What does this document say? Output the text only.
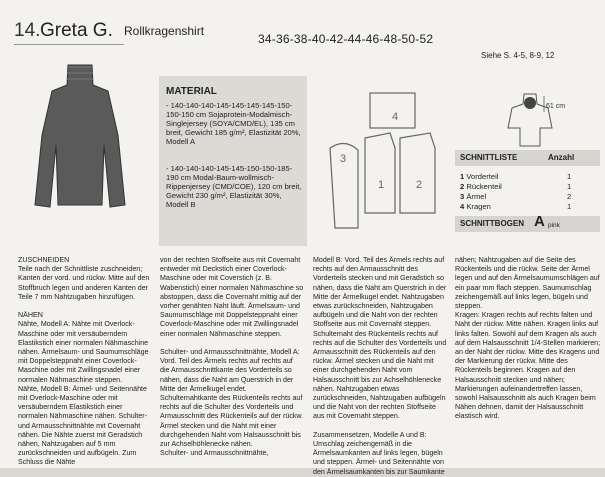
14. Greta G. Rollkragenshirt
34-36-38-40-42-44-46-48-50-52
Siehe S. 4-5, 8-9, 12
MATERIAL
- 140-140-140-145-145-145-145-150-150-150 cm Sojaprotein-Modalmisch-Singlejersey (SOYA/CMD/EL), 135 cm breit, Gewicht 185 g/m², Elastizität 20%, Modell A
- 140-140-140-145-145-150-150-185-190 cm Modal-Baum-wollmisch-Rippenjersey (CMD/COE), 120 cm breit, Gewicht 230 g/m², Elastizität 30%, Modell B
4
3
1	2
61 cm
SCHNITTLISTE	Anzahl
1 Vorderteil	1
2 Rückenteil	1
3 Ärmel	2
4 Kragen	1
SCHNITTBOGEN A pink
ZUSCHNEIDEN
Teile nach der Schnittliste zuschneiden; Kanten der vord. und rückw. Mitte auf den Stoffbruch legen und anderen Kanten der Teile 7 mm Nahtzugaben hinzufügen.

NÄHEN
Nähte, Modell A: Nähte mit Overlock-Maschine oder mit versäuberndem Elastikstich einer normalen Nähmaschine nähen. Ärmelsaum- und Saumumschläge mit Doppelsteppnaht einer Coverlock-Maschine oder mit Zwillingsnadel einer normalen Nähmaschine steppen.
Nähte, Modell B: Ärmel- und Seitennähte mit Overlock-Maschine oder mit versäuberndem Elastikstich einer normalen Nähmaschine nähen. Schulter- und Armausschnittnähte mit Covernaht nähen. Die Nähte zuerst mit Geradstich nähen, Nahtzugaben auf 5 mm zurückschneiden und aufbügeln. Zum Schluss die Nähte
von der rechten Stoffseite aus mit Covernaht entweder mit Deckstich einer Coverlock-Maschine oder mit Coverstich (z. B. Wabenstich) einer normalen Nähmaschine so abstoppen, dass die Covernaht mittig auf der vorher genähten Naht läuft. Ärmelsaum- und Saumumschläge mit Doppelsteppnaht einer Coverlock-Maschine oder mit Zwillingsnadel einer normalen Nähmaschine steppen.

Schulter- und Armausschnittnähte, Modell A: Vord. Teil des Ärmels rechts auf rechts auf die Armausschnittkante des Vorderteils so nähen, dass die Naht am Querstrich in der Mitte der Ärmelkugel endet. Schulternahtkante des Rückenteils rechts auf rechts auf die Schulter des Vorderteils und Armausschnitt des Rückenteils auf der rückw. Ärmel stecken und die Naht mit einer durchgehenden Naht vom Halsausschnitt bis zur Achselhöhlenecke nähen.
Schulter- und Armausschnittnähte,
Modell B: Vord. Teil des Ärmels rechts auf rechts auf den Armausschnitt des Vorderteils stecken und mit Geradstich so nähen, dass die Naht am Querstrich in der Mitte der Ärmelkugel endet. Nahtzugaben etwas zurückschneiden, Nahtzugaben aufbügeln und die Naht von der rechten Stoffseite aus mit Covernaht steppen. Schulternaht des Rückenteils rechts auf rechts auf die Schulter des Vorderteils und Armausschnitt des Rückenteils auf den rückw. Ärmel stecken und die Naht mit einer durchgehenden Naht vom Halsausschnitt bis zur Achselhöhlenecke nähen. Nahtzugaben etwas zurückschneiden, Nahtzugaben aufbügeln und die Naht von der rechten Stoffseite aus mit Covernaht steppen.

Zusammensetzen, Modelle A und B: Umschlag zeichengemäß in die Ärmelsaumkanten auf links legen, bügeln und steppen. Ärmel- und Seitennähte von den Ärmelsaumkanten bis zur Saumkante
nähen; Nahtzugaben auf die Seite des Rückenteils und die rückw. Seite der Ärmel legen und auf den Ärmelsaumumschlägen auf ein paar mm flach steppen. Saumumschlag zeichengemäß auf links legen, bügeln und steppen.
Kragen: Kragen rechts auf rechts falten und Naht der rückw. Mitte nähen. Kragen links auf links falten. Sowohl auf dem Kragen als auch auf dem Halsausschnitt 1/4-Stellen markieren; an der Naht der rückw. Mitte des Kragens und der Markierung der rückw. Mitte des Rückenteils beginnen. Kragen auf den Halsausschnitt stecken und nähen; Markierungen aufeinandertreffen lassen, sowohl Halsausschnitt als auch Kragen beim Nähen dehnen, damit der Halsausschnitt elastisch wird.
